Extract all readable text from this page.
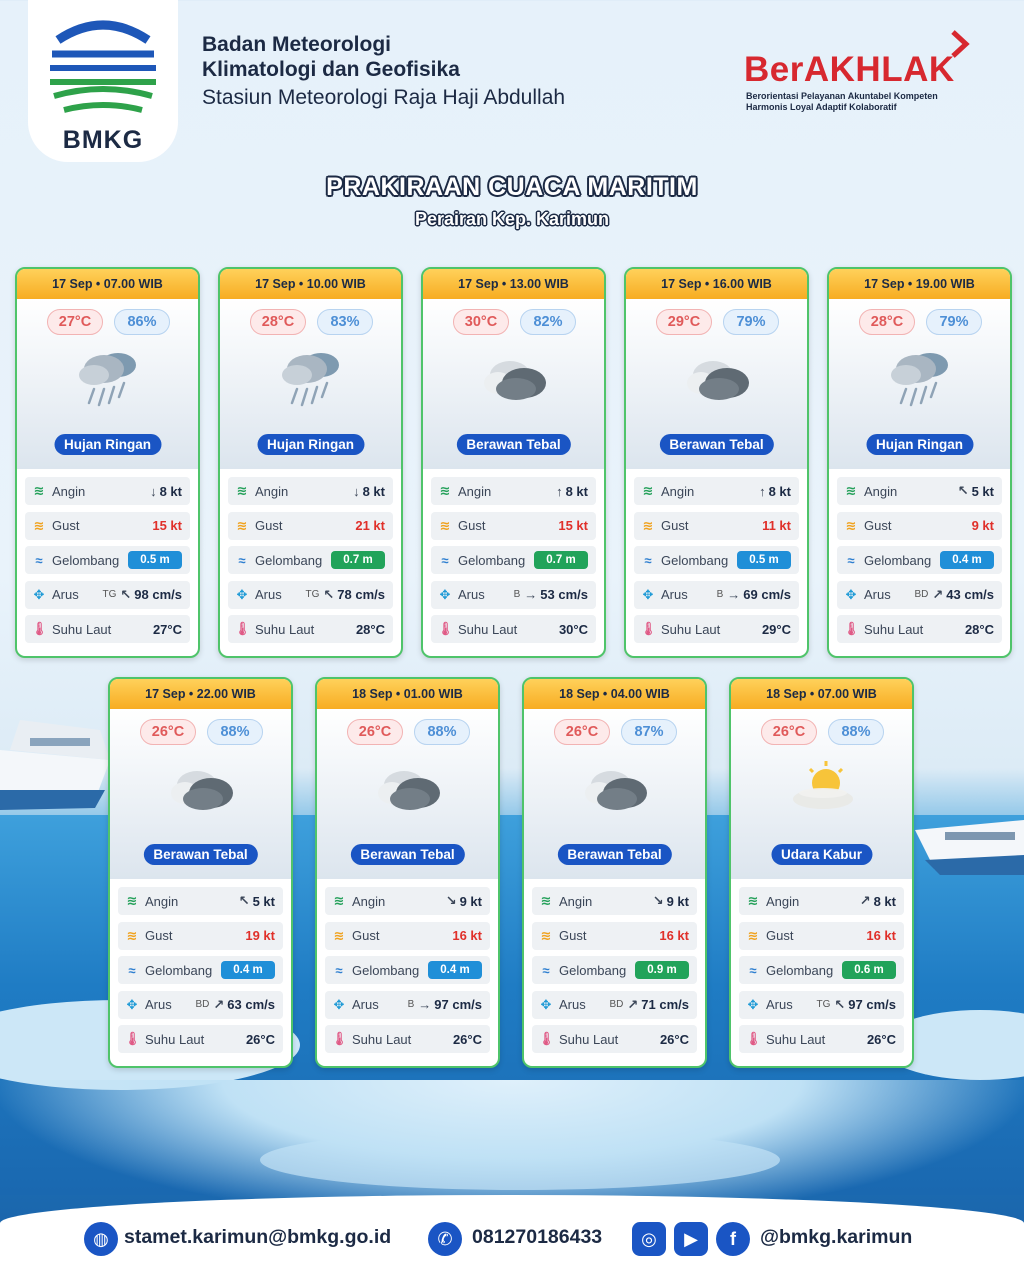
BMKG
Badan Meteorologi
Klimatologi dan Geofisika
Stasiun Meteorologi Raja Haji Abdullah
BerAKHLAK
Berorientasi Pelayanan Akuntabel Kompeten
Harmonis Loyal Adaptif Kolaboratif
PRAKIRAAN CUACA MARITIM
Perairan Kep. Karimun
17 Sep • 07.00 WIB
27°C	86%
Hujan Ringan
≋ Angin	↓ 8 kt
≋ Gust	15 kt
≈ Gelombang	0.5 m
✥ Arus	TG ↖ 98 cm/s
🌡︎ Suhu Laut	27°C
17 Sep • 10.00 WIB
28°C	83%
Hujan Ringan
≋ Angin	↓ 8 kt
≋ Gust	21 kt
≈ Gelombang	0.7 m
✥ Arus	TG ↖ 78 cm/s
🌡︎ Suhu Laut	28°C
17 Sep • 13.00 WIB
30°C	82%
Berawan Tebal
≋ Angin	↑ 8 kt
≋ Gust	15 kt
≈ Gelombang	0.7 m
✥ Arus	B → 53 cm/s
🌡︎ Suhu Laut	30°C
17 Sep • 16.00 WIB
29°C	79%
Berawan Tebal
≋ Angin	↑ 8 kt
≋ Gust	11 kt
≈ Gelombang	0.5 m
✥ Arus	B → 69 cm/s
🌡︎ Suhu Laut	29°C
17 Sep • 19.00 WIB
28°C	79%
Hujan Ringan
≋ Angin	↖ 5 kt
≋ Gust	9 kt
≈ Gelombang	0.4 m
✥ Arus	BD ↗ 43 cm/s
🌡︎ Suhu Laut	28°C
17 Sep • 22.00 WIB
26°C	88%
Berawan Tebal
≋ Angin	↖ 5 kt
≋ Gust	19 kt
≈ Gelombang	0.4 m
✥ Arus	BD ↗ 63 cm/s
🌡︎ Suhu Laut	26°C
18 Sep • 01.00 WIB
26°C	88%
Berawan Tebal
≋ Angin	↘ 9 kt
≋ Gust	16 kt
≈ Gelombang	0.4 m
✥ Arus	B → 97 cm/s
🌡︎ Suhu Laut	26°C
18 Sep • 04.00 WIB
26°C	87%
Berawan Tebal
≋ Angin	↘ 9 kt
≋ Gust	16 kt
≈ Gelombang	0.9 m
✥ Arus	BD ↗ 71 cm/s
🌡︎ Suhu Laut	26°C
18 Sep • 07.00 WIB
26°C	88%
Udara Kabur
≋ Angin	↗ 8 kt
≋ Gust	16 kt
≈ Gelombang	0.6 m
✥ Arus	TG ↖ 97 cm/s
🌡︎ Suhu Laut	26°C
◍ stamet.karimun@bmkg.go.id	✆ 081270186433	◎	▶	f	@bmkg.karimun
